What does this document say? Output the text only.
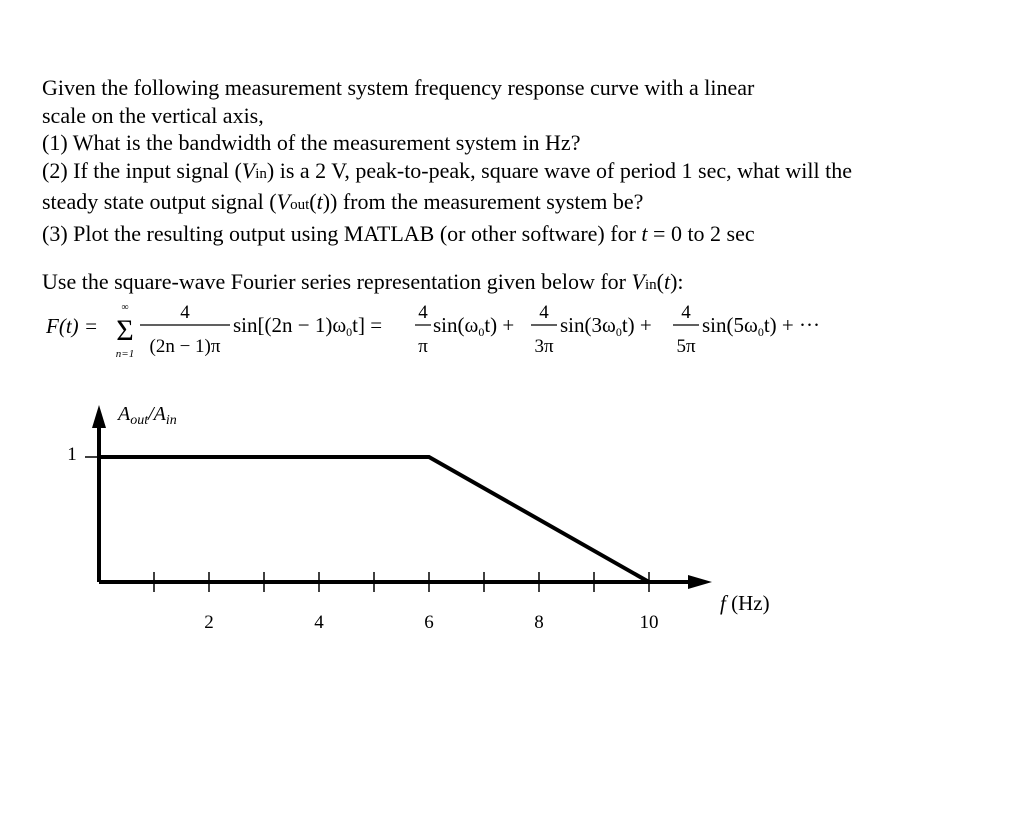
Given the following measurement system frequency response curve with a linear

scale on the vertical axis,

(1) What is the bandwidth of the measurement system in Hz?

(2) If the input signal (Vin) is a 2 V, peak-to-peak, square wave of period 1 sec, what will the

steady state output signal (Vout(t)) from the measurement system be?

(3) Plot the resulting output using MATLAB (or other software) for t = 0 to 2 sec

Use the square-wave Fourier series representation given below for Vin(t):
F(t) =
∞
Σ
n=1
4
(2n − 1)π
sin[(2n − 1)ω0t] =
4
π
sin(ω0t) +
4
3π
sin(3ω0t) +
4
5π
sin(5ω0t) + ···
2	4	6	8	10
$A_{out}/A_{in}$
f (Hz)
1
